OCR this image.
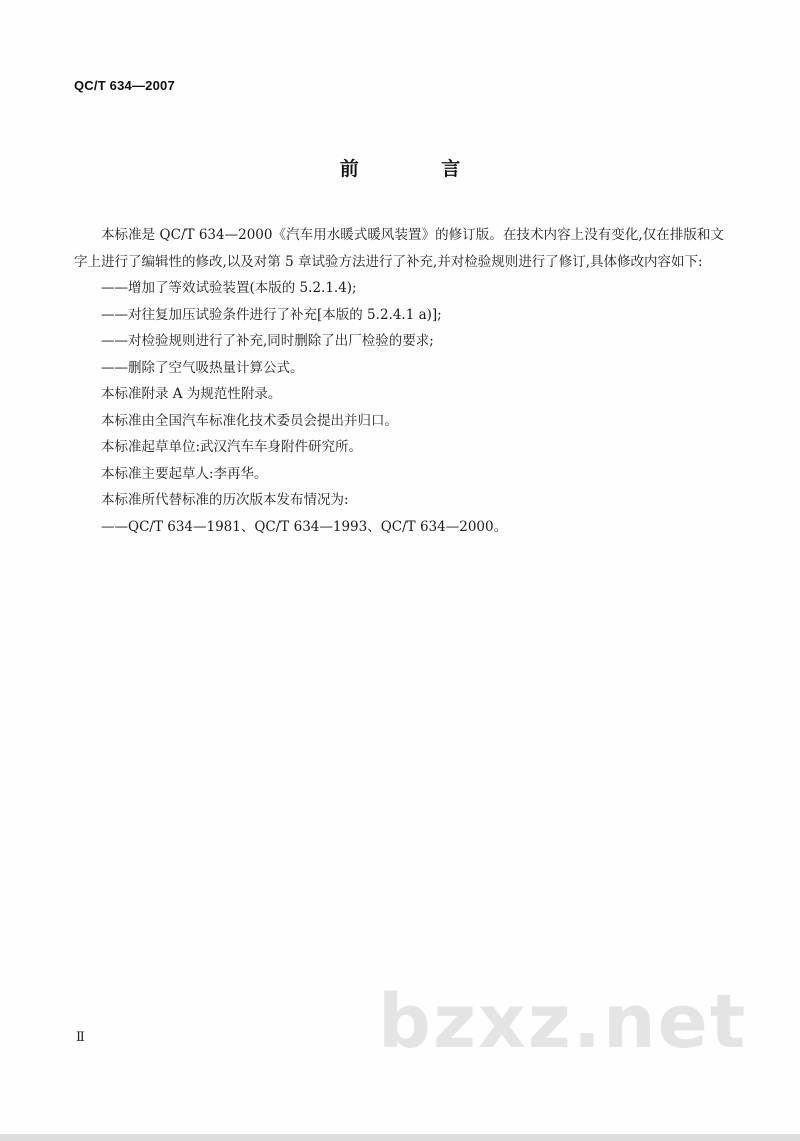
QC/T 634—2007
前 言

本标准是 QC/T 634—2000《汽车用水暖式暖风装置》的修订版。在技术内容上没有变化,仅在排版和文字上进行了编辑性的修改,以及对第 5 章试验方法进行了补充,并对检验规则进行了修订,具体修改内容如下:

——增加了等效试验装置(本版的 5.2.1.4);

——对往复加压试验条件进行了补充[本版的 5.2.4.1 a)];

——对检验规则进行了补充,同时删除了出厂检验的要求;

——删除了空气吸热量计算公式。

本标准附录 A 为规范性附录。

本标准由全国汽车标准化技术委员会提出并归口。

本标准起草单位:武汉汽车车身附件研究所。

本标准主要起草人:李再华。

本标准所代替标准的历次版本发布情况为:

——QC/T 634—1981、QC/T 634—1993、QC/T 634—2000。

Ⅱ	bzxz.net
